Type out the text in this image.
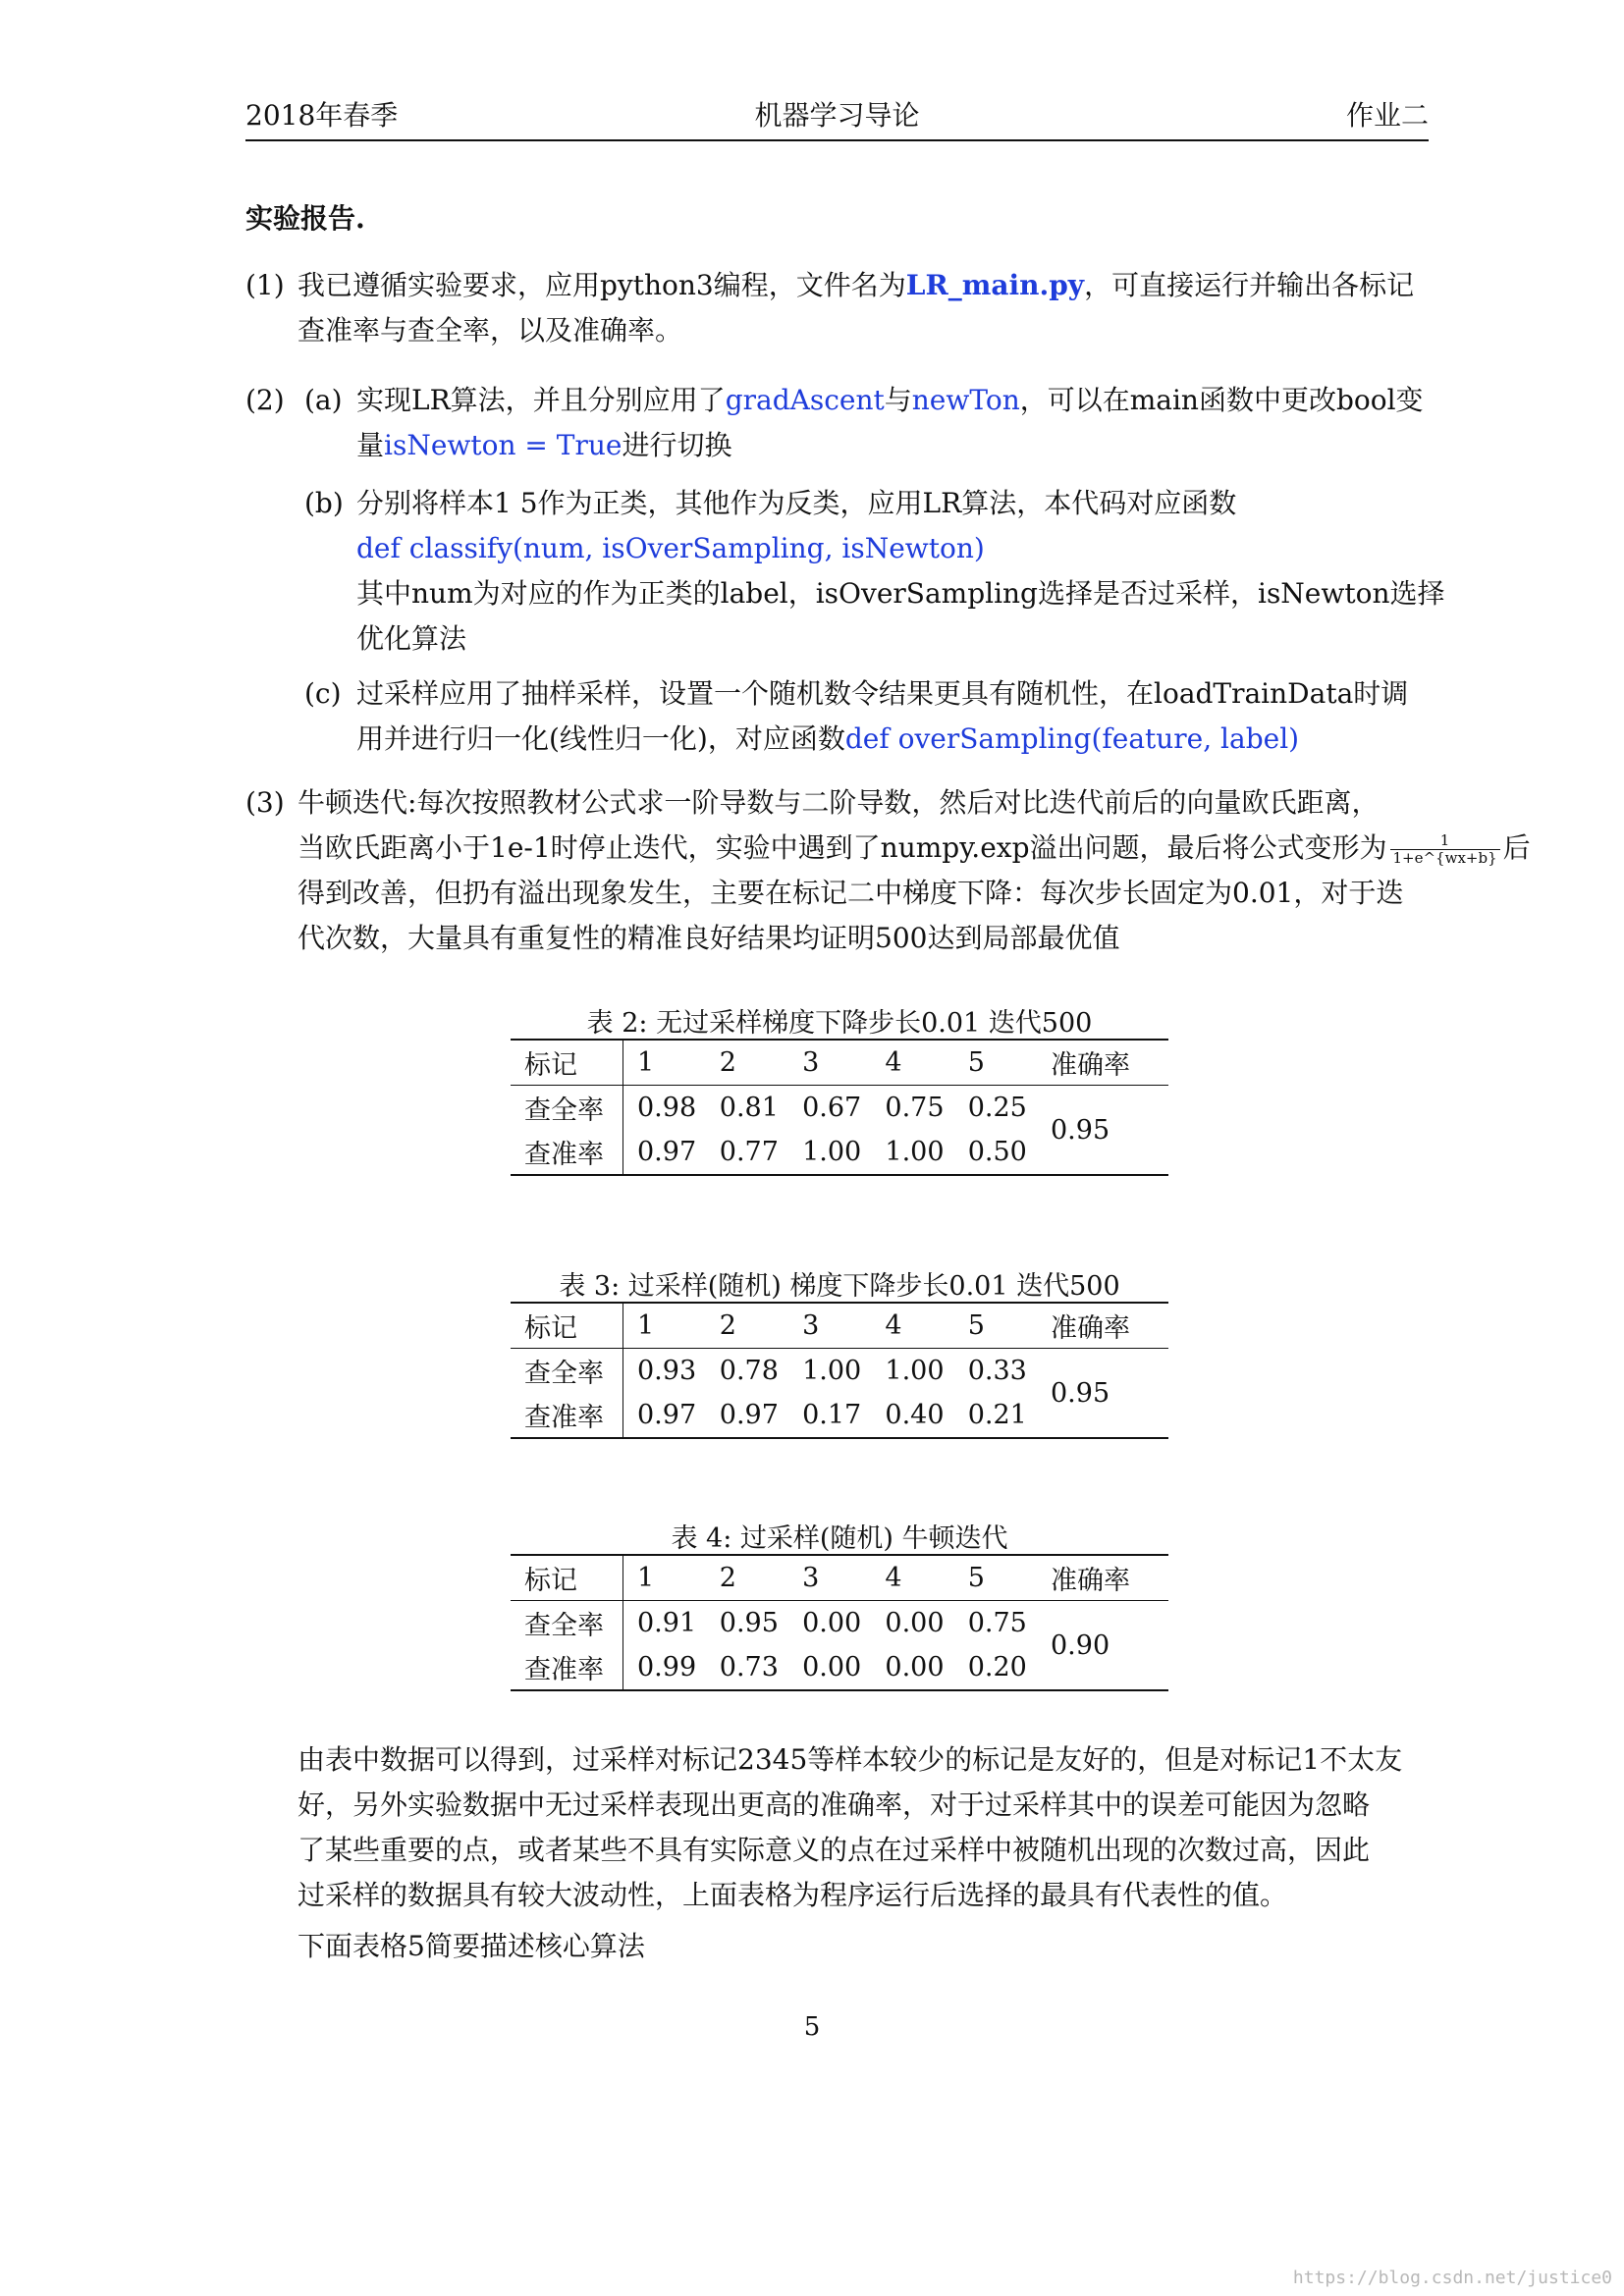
2018年春季	机器学习导论	作业二
实验报告.
(1) 我已遵循实验要求，应用python3编程，文件名为LR_main.py，可直接运行并输出各标记
查准率与查全率，以及准确率。
(2) (a) 实现LR算法，并且分别应用了gradAscent与newTon，可以在main函数中更改bool变
量isNewton = True进行切换
(b) 分别将样本1 5作为正类，其他作为反类，应用LR算法，本代码对应函数
def classify(num, isOverSampling, isNewton)
其中num为对应的作为正类的label，isOverSampling选择是否过采样，isNewton选择
优化算法
(c) 过采样应用了抽样采样，设置一个随机数令结果更具有随机性，在loadTrainData时调
用并进行归一化(线性归一化)，对应函数def overSampling(feature, label)
(3) 牛顿迭代:每次按照教材公式求一阶导数与二阶导数，然后对比迭代前后的向量欧氏距离，
当欧氏距离小于1e-1时停止迭代，实验中遇到了numpy.exp溢出问题，最后将公式变形为 $\frac{1}{1+e\^{}\{wx+b\}}$ 后
得到改善，但扔有溢出现象发生，主要在标记二中梯度下降：每次步长固定为0.01，对于迭
代次数，大量具有重复性的精准良好结果均证明500达到局部最优值
表 2: 无过采样梯度下降步长0.01 迭代500
标记	1	2	3	4	5	准确率
查全率	0.98	0.81	0.67	0.75	0.25	0.95
查准率	0.97	0.77	1.00	1.00	0.50	
表 3: 过采样(随机) 梯度下降步长0.01 迭代500
标记	1	2	3	4	5	准确率
查全率	0.93	0.78	1.00	1.00	0.33	0.95
查准率	0.97	0.97	0.17	0.40	0.21	
表 4: 过采样(随机) 牛顿迭代
标记	1	2	3	4	5	准确率
查全率	0.91	0.95	0.00	0.00	0.75	0.90
查准率	0.99	0.73	0.00	0.00	0.20	
由表中数据可以得到，过采样对标记2345等样本较少的标记是友好的，但是对标记1不太友
好，另外实验数据中无过采样表现出更高的准确率，对于过采样其中的误差可能因为忽略
了某些重要的点，或者某些不具有实际意义的点在过采样中被随机出现的次数过高，因此
过采样的数据具有较大波动性，上面表格为程序运行后选择的最具有代表性的值。
下面表格5简要描述核心算法
5
https://blog.csdn.net/justice0
